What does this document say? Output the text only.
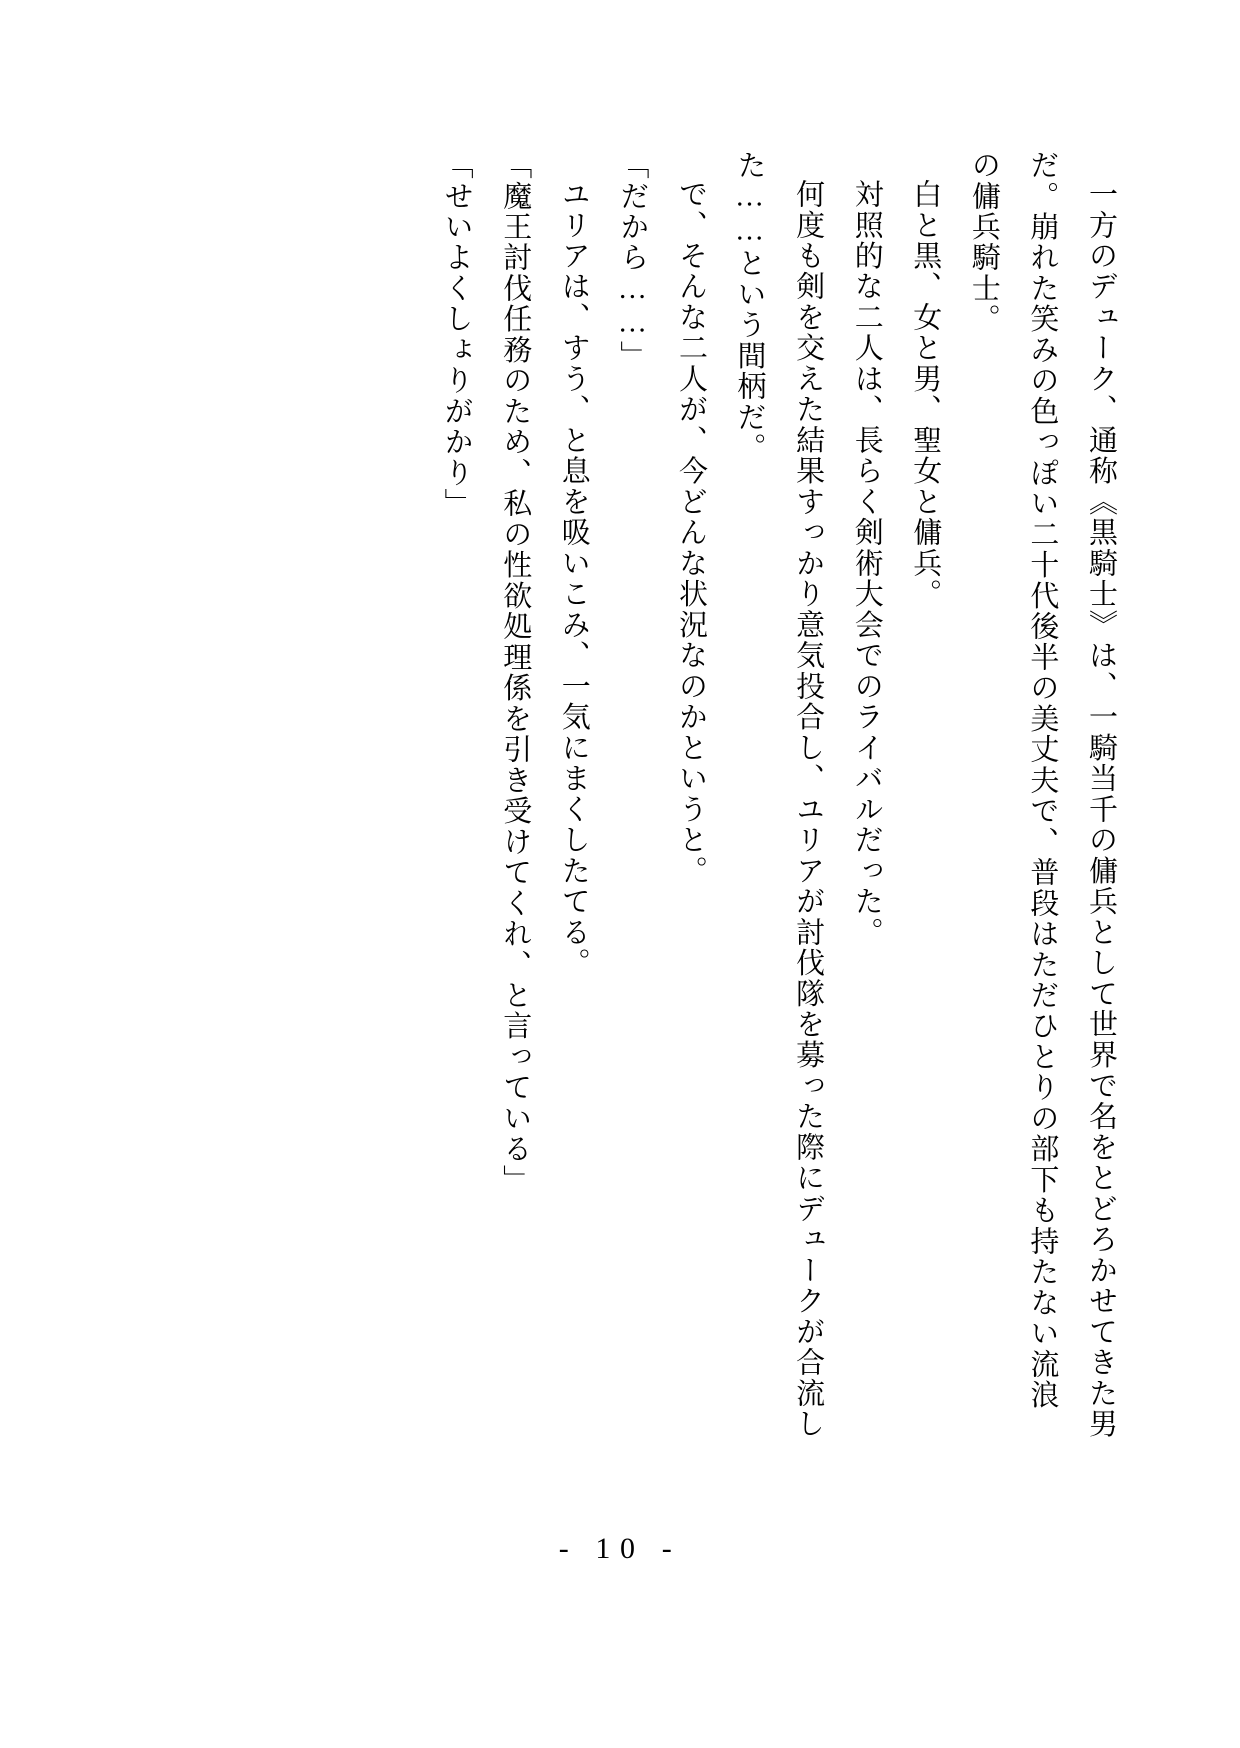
一方のデューク、通称《黒騎士》は、一騎当千の傭兵として世界で名をとどろかせてきた男だ。崩れた笑みの色っぽい二十代後半の美丈夫で、普段はただひとりの部下も持たない流浪の傭兵騎士。

白と黒、女と男、聖女と傭兵。

対照的な二人は、長らく剣術大会でのライバルだった。

何度も剣を交えた結果すっかり意気投合し、ユリアが討伐隊を募った際にデュークが合流した……という間柄だ。

で、そんな二人が、今どんな状況なのかというと。

「だから……」

ユリアは、すう、と息を吸いこみ、一気にまくしたてる。

「魔王討伐任務のため、私の性欲処理係を引き受けてくれ、と言っている」

「せいよくしょりがかり」

- 10 -
